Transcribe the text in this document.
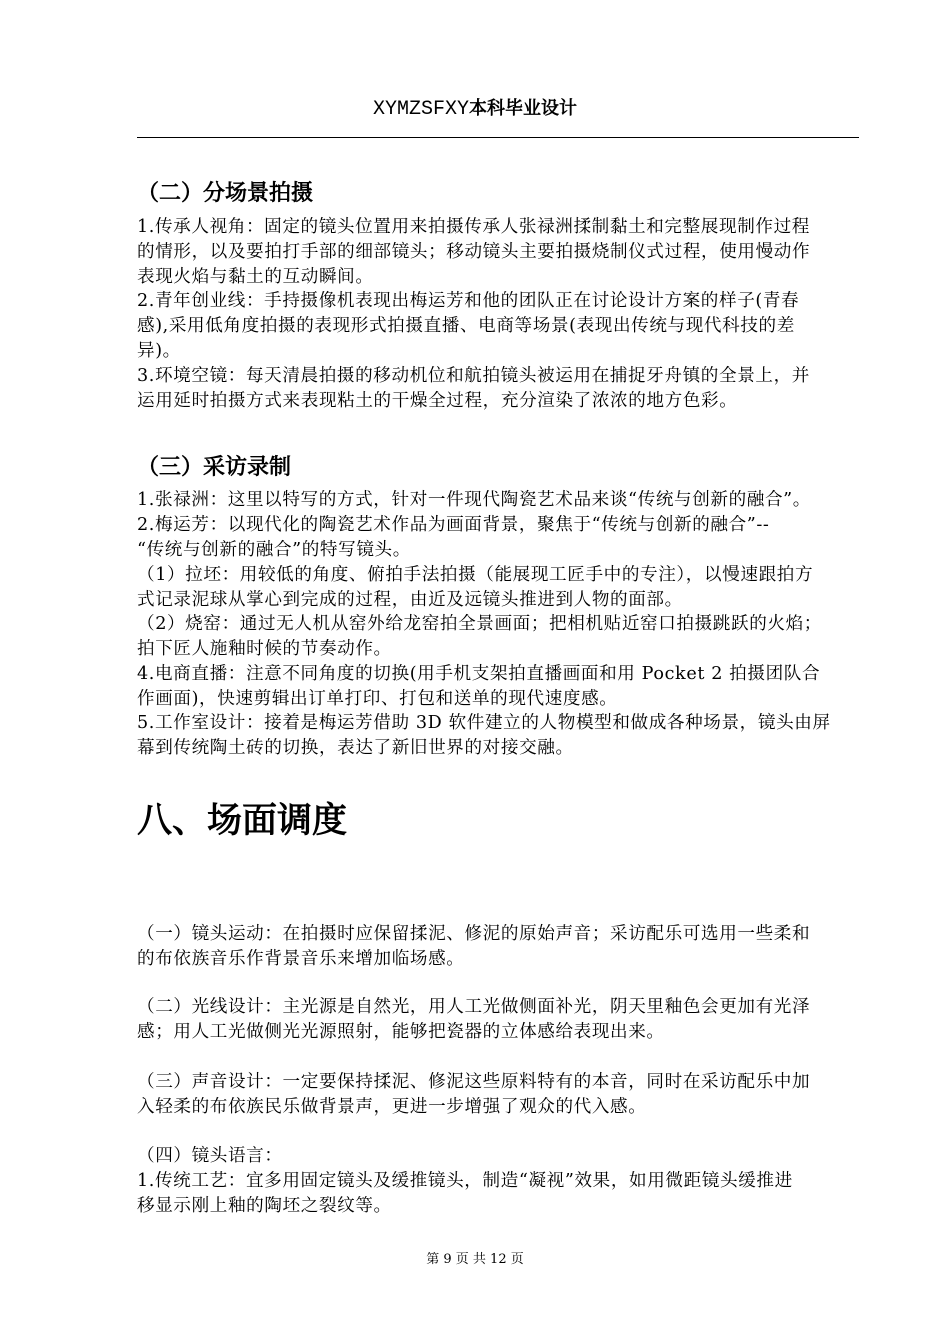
XYMZSFXY本科毕业设计
（二）分场景拍摄
1.传承人视角：固定的镜头位置用来拍摄传承人张禄洲揉制黏土和完整展现制作过程
的情形，以及要拍打手部的细部镜头；移动镜头主要拍摄烧制仪式过程，使用慢动作
表现火焰与黏土的互动瞬间。
2.青年创业线：手持摄像机表现出梅运芳和他的团队正在讨论设计方案的样子(青春
感),采用低角度拍摄的表现形式拍摄直播、电商等场景(表现出传统与现代科技的差
异)。
3.环境空镜：每天清晨拍摄的移动机位和航拍镜头被运用在捕捉牙舟镇的全景上，并
运用延时拍摄方式来表现粘土的干燥全过程，充分渲染了浓浓的地方色彩。
（三）采访录制
1.张禄洲：这里以特写的方式，针对一件现代陶瓷艺术品来谈“传统与创新的融合”。
2.梅运芳：以现代化的陶瓷艺术作品为画面背景，聚焦于“传统与创新的融合”--
“传统与创新的融合”的特写镜头。
（1）拉坯：用较低的角度、俯拍手法拍摄（能展现工匠手中的专注），以慢速跟拍方
式记录泥球从掌心到完成的过程，由近及远镜头推进到人物的面部。
（2）烧窑：通过无人机从窑外给龙窑拍全景画面；把相机贴近窑口拍摄跳跃的火焰；
拍下匠人施釉时候的节奏动作。
4.电商直播：注意不同角度的切换(用手机支架拍直播画面和用 Pocket 2 拍摄团队合
作画面)，快速剪辑出订单打印、打包和送单的现代速度感。
5.工作室设计：接着是梅运芳借助 3D 软件建立的人物模型和做成各种场景，镜头由屏
幕到传统陶土砖的切换，表达了新旧世界的对接交融。
八、场面调度
（一）镜头运动：在拍摄时应保留揉泥、修泥的原始声音；采访配乐可选用一些柔和
的布依族音乐作背景音乐来增加临场感。
（二）光线设计：主光源是自然光，用人工光做侧面补光，阴天里釉色会更加有光泽
感；用人工光做侧光光源照射，能够把瓷器的立体感给表现出来。
（三）声音设计：一定要保持揉泥、修泥这些原料特有的本音，同时在采访配乐中加
入轻柔的布依族民乐做背景声，更进一步增强了观众的代入感。
（四）镜头语言：
1.传统工艺：宜多用固定镜头及缓推镜头，制造“凝视”效果，如用微距镜头缓推进
移显示刚上釉的陶坯之裂纹等。
第 9 页 共 12 页
